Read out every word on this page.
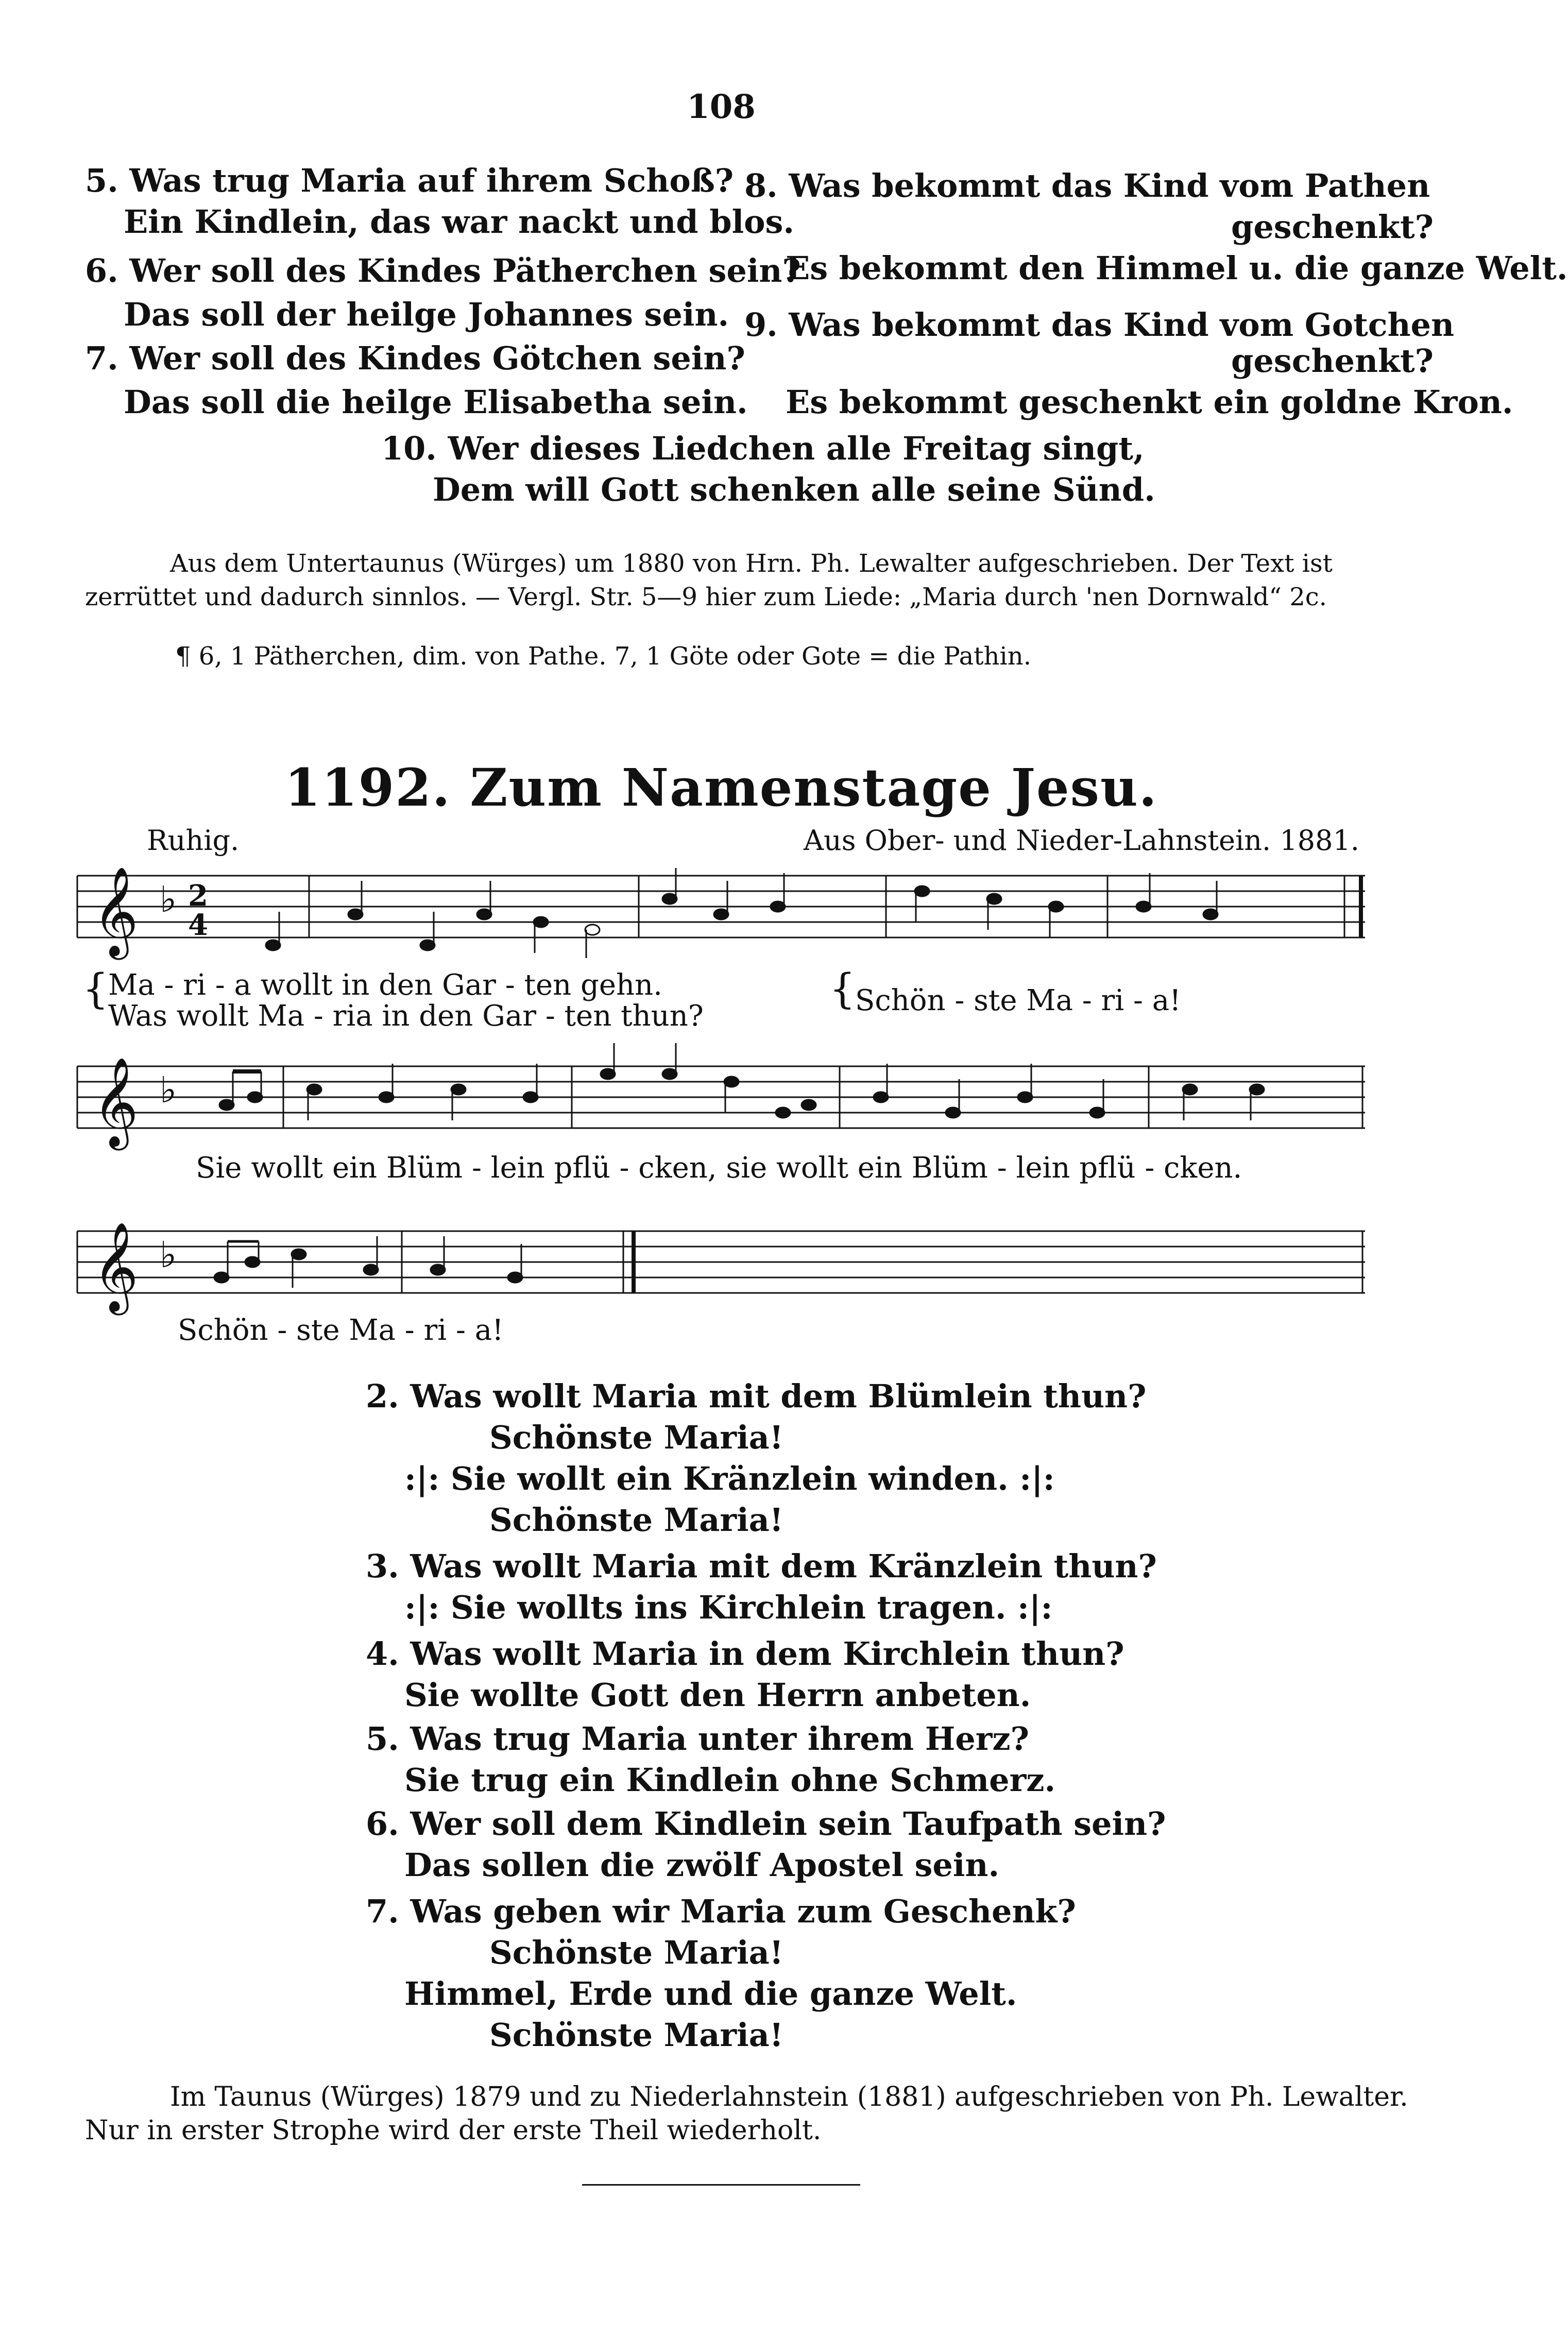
108
5. Was trug Maria auf ihrem Schoß?
Ein Kindlein, das war nackt und blos.
6. Wer soll des Kindes Pätherchen sein?
Das soll der heilge Johannes sein.
7. Wer soll des Kindes Götchen sein?
Das soll die heilge Elisabetha sein.
8. Was bekommt das Kind vom Pathen
geschenkt?
Es bekommt den Himmel u. die ganze Welt.
9. Was bekommt das Kind vom Gotchen
geschenkt?
Es bekommt geschenkt ein goldne Kron.
10. Wer dieses Liedchen alle Freitag singt,
Dem will Gott schenken alle seine Sünd.
Aus dem Untertaunus (Würges) um 1880 von Hrn. Ph. Lewalter aufgeschrieben. Der Text ist
zerrüttet und dadurch sinnlos. — Vergl. Str. 5—9 hier zum Liede: „Maria durch 'nen Dornwald“ 2c.
¶ 6, 1 Pätherchen, dim. von Pathe. 7, 1 Göte oder Gote = die Pathin.
1192. Zum Namenstage Jesu.
Ruhig.	Aus Ober- und Nieder-Lahnstein. 1881.
𝄞 ♭ 2
4
{ Ma - ri - a wollt in den Gar - ten gehn.
Was wollt Ma - ria in den Gar - ten thun?
{ Schön - ste Ma - ri - a!
𝄞 ♭
Sie wollt ein Blüm - lein pflü - cken, sie wollt ein Blüm - lein pflü - cken.
𝄞 ♭
Schön - ste Ma - ri - a!
2. Was wollt Maria mit dem Blümlein thun?
Schönste Maria!
:|: Sie wollt ein Kränzlein winden. :|:
Schönste Maria!
3. Was wollt Maria mit dem Kränzlein thun?
:|: Sie wollts ins Kirchlein tragen. :|:
4. Was wollt Maria in dem Kirchlein thun?
Sie wollte Gott den Herrn anbeten.
5. Was trug Maria unter ihrem Herz?
Sie trug ein Kindlein ohne Schmerz.
6. Wer soll dem Kindlein sein Taufpath sein?
Das sollen die zwölf Apostel sein.
7. Was geben wir Maria zum Geschenk?
Schönste Maria!
Himmel, Erde und die ganze Welt.
Schönste Maria!
Im Taunus (Würges) 1879 und zu Niederlahnstein (1881) aufgeschrieben von Ph. Lewalter.
Nur in erster Strophe wird der erste Theil wiederholt.
